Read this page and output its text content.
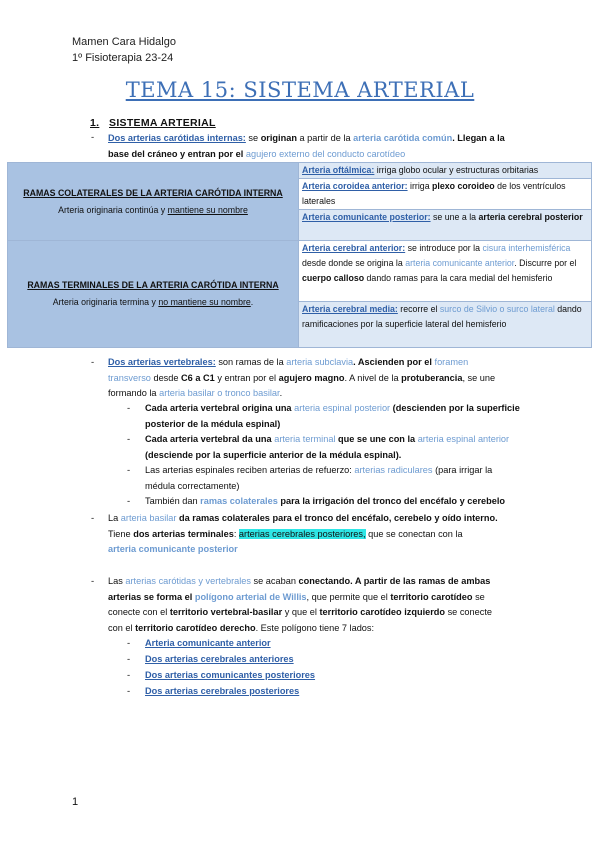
Mamen Cara Hidalgo
1º Fisioterapia 23-24
TEMA 15: SISTEMA ARTERIAL
1. SISTEMA ARTERIAL
- Dos arterias carótidas internas: se originan a partir de la arteria carótida común. Llegan a la
base del cráneo y entran por el agujero externo del conducto carotídeo
RAMAS COLATERALES DE LA ARTERIA CARÓTIDA INTERNA
Arteria originaria continúa y mantiene su nombre	Arteria oftálmica: irriga globo ocular y estructuras orbitarias
	Arteria coroidea anterior: irriga plexo coroideo de los ventrículos laterales
	Arteria comunicante posterior: se une a la arteria cerebral posterior

RAMAS TERMINALES DE LA ARTERIA CARÓTIDA INTERNA
Arteria originaria termina y no mantiene su nombre.	Arteria cerebral anterior: se introduce por la cisura interhemisférica desde donde se origina la arteria comunicante anterior. Discurre por el cuerpo calloso dando ramas para la cara medial del hemisferio
	Arteria cerebral media: recorre el surco de Silvio o surco lateral dando ramificaciones por la superficie lateral del hemisferio
- Dos arterias vertebrales: son ramas de la arteria subclavia. Ascienden por el foramen transverso desde C6 a C1 y entran por el agujero magno. A nivel de la protuberancia, se une formando la arteria basilar o tronco basilar.
- Cada arteria vertebral origina una arteria espinal posterior (descienden por la superficie posterior de la médula espinal)
- Cada arteria vertebral da una arteria terminal que se une con la arteria espinal anterior (desciende por la superficie anterior de la médula espinal).
- Las arterias espinales reciben arterias de refuerzo: arterias radiculares (para irrigar la médula correctamente)
- También dan ramas colaterales para la irrigación del tronco del encéfalo y cerebelo
- La arteria basilar da ramas colaterales para el tronco del encéfalo, cerebelo y oído interno.
Tiene dos arterias terminales: arterias cerebrales posteriores, que se conectan con la
arteria comunicante posterior
- Las arterias carótidas y vertebrales se acaban conectando. A partir de las ramas de ambas
arterias se forma el polígono arterial de Willis, que permite que el territorio carotídeo se
conecte con el territorio vertebral-basilar y que el territorio carotídeo izquierdo se conecte
con el territorio carotídeo derecho. Este polígono tiene 7 lados:
- Arteria comunicante anterior
- Dos arterias cerebrales anteriores
- Dos arterias comunicantes posteriores
- Dos arterias cerebrales posteriores
1
